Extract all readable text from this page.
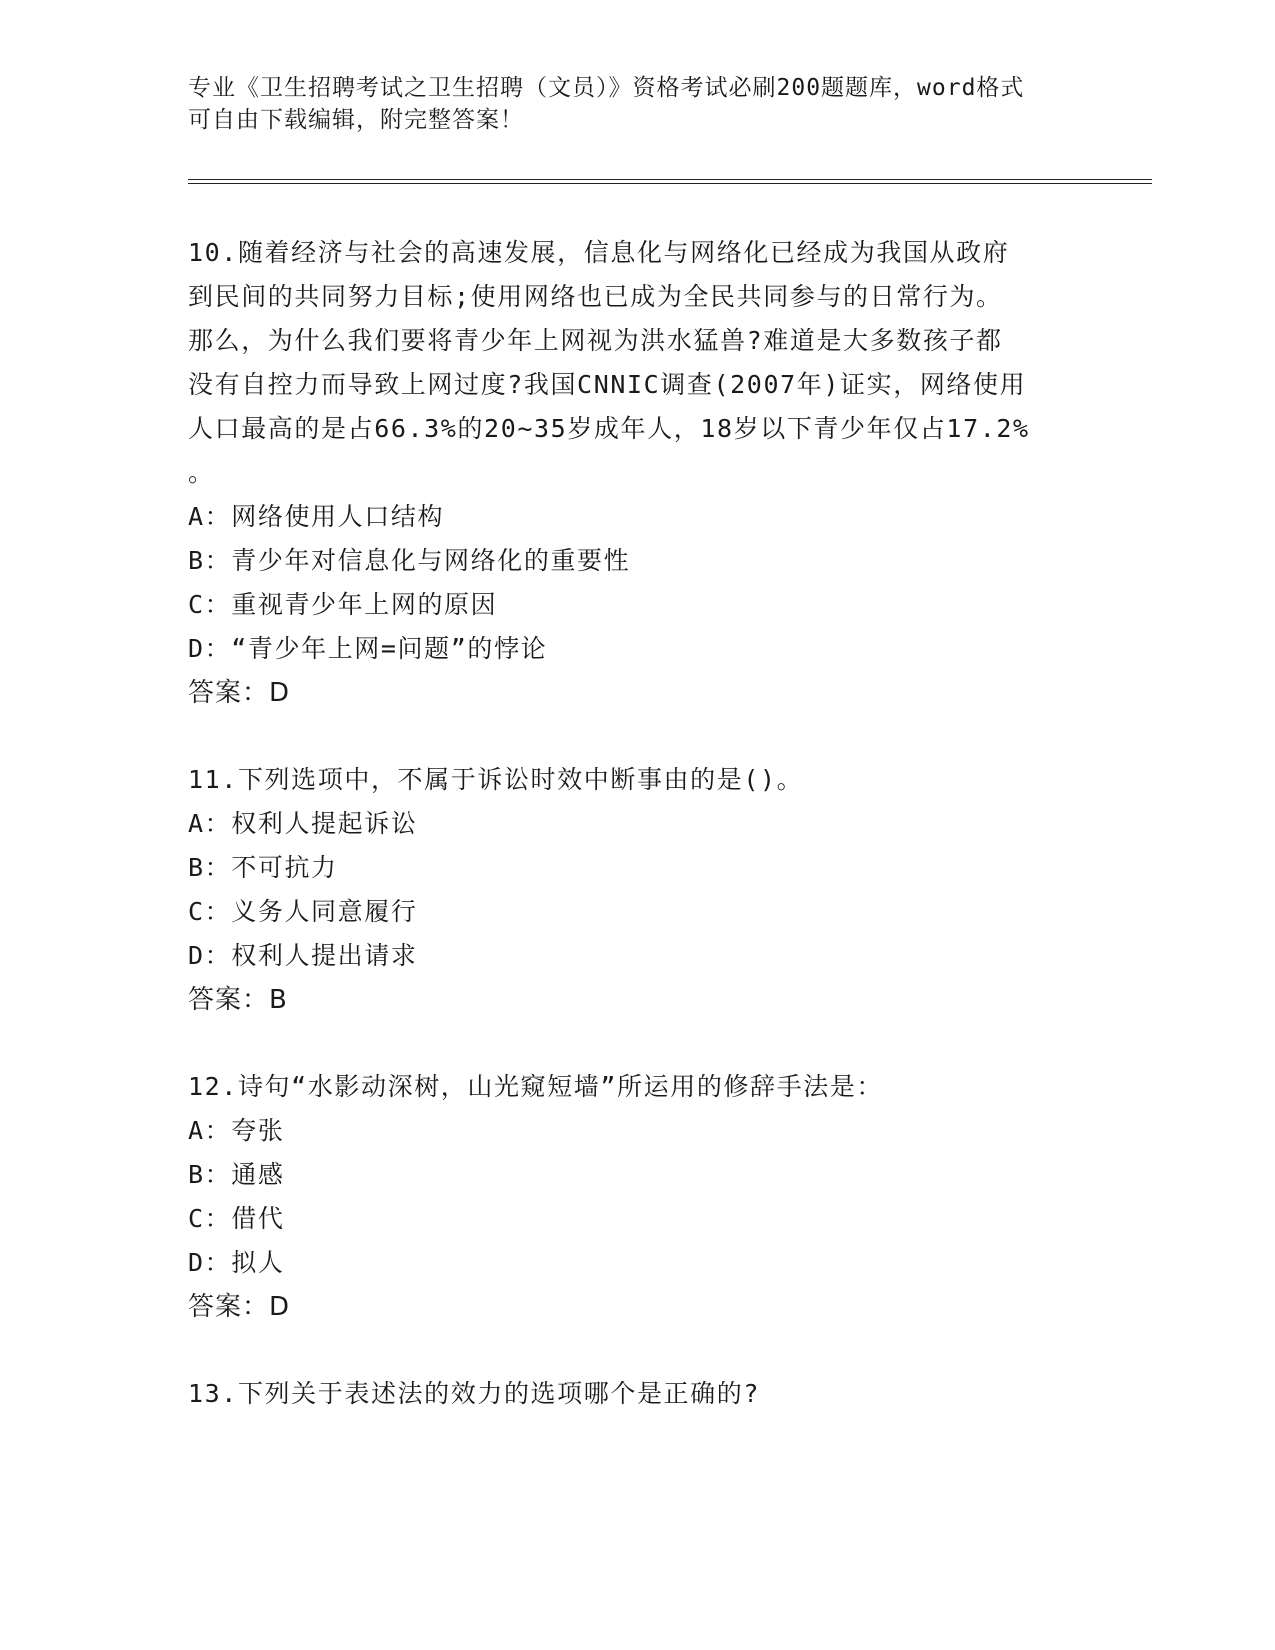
专业《卫生招聘考试之卫生招聘（文员）》资格考试必刷200题题库，word格式
可自由下载编辑，附完整答案！
10.随着经济与社会的高速发展，信息化与网络化已经成为我国从政府
到民间的共同努力目标;使用网络也已成为全民共同参与的日常行为。
那么，为什么我们要将青少年上网视为洪水猛兽?难道是大多数孩子都
没有自控力而导致上网过度?我国CNNIC调查(2007年)证实，网络使用
人口最高的是占66.3%的20~35岁成年人，18岁以下青少年仅占17.2%
。
A：网络使用人口结构
B：青少年对信息化与网络化的重要性
C：重视青少年上网的原因
D：“青少年上网=问题”的悖论
答案：D
11.下列选项中，不属于诉讼时效中断事由的是()。
A：权利人提起诉讼
B：不可抗力
C：义务人同意履行
D：权利人提出请求
答案：B
12.诗句“水影动深树，山光窥短墙”所运用的修辞手法是：
A：夸张
B：通感
C：借代
D：拟人
答案：D
13.下列关于表述法的效力的选项哪个是正确的?
